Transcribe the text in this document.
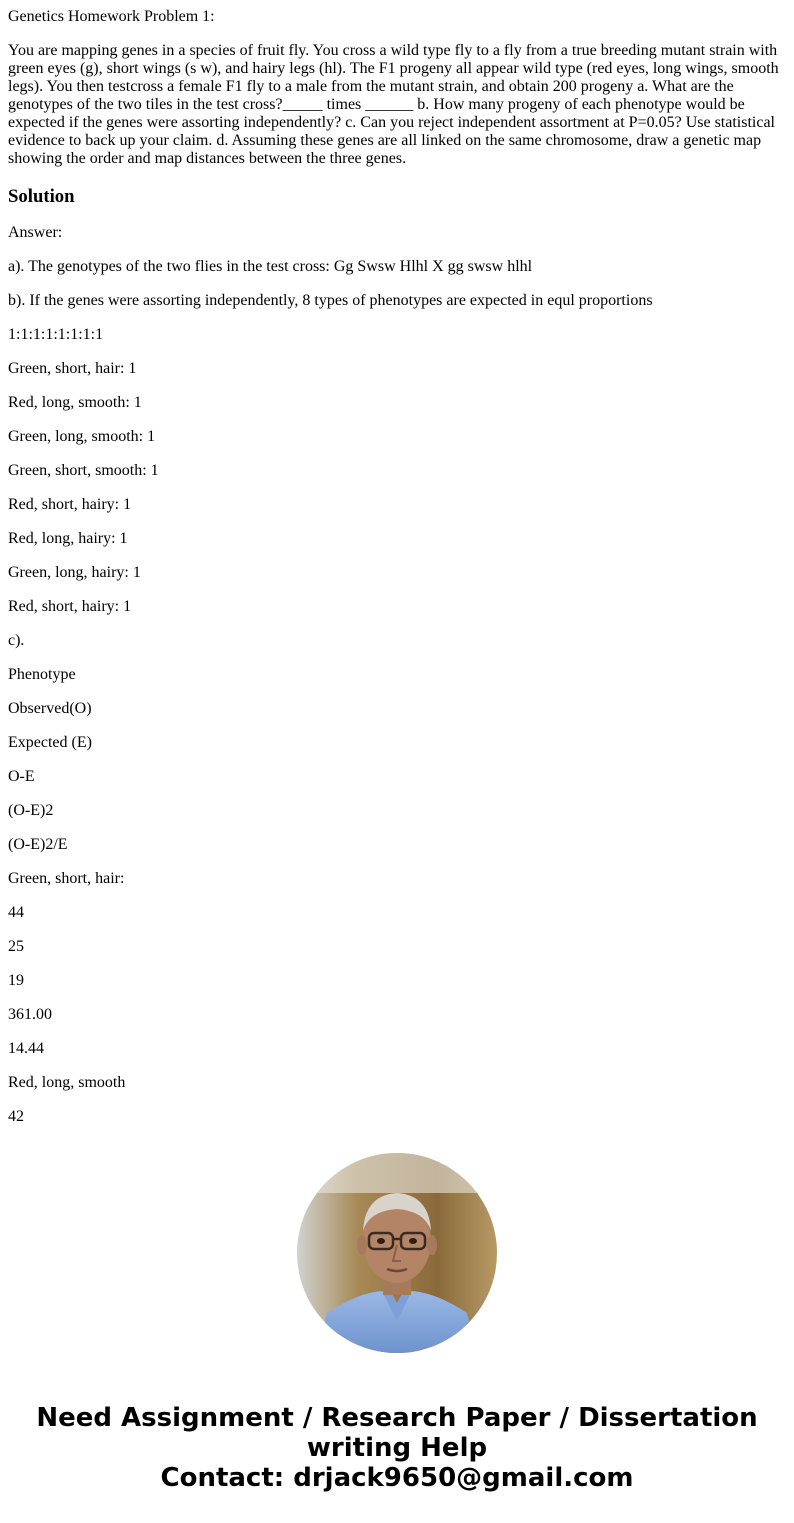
Genetics Homework Problem 1:

You are mapping genes in a species of fruit fly. You cross a wild type fly to a fly from a true breeding mutant strain with green eyes (g), short wings (s w), and hairy legs (hl). The F1 progeny all appear wild type (red eyes, long wings, smooth legs). You then testcross a female F1 fly to a male from the mutant strain, and obtain 200 progeny a. What are the genotypes of the two tiles in the test cross?_____ times ______ b. How many progeny of each phenotype would be expected if the genes were assorting independently? c. Can you reject independent assortment at P=0.05? Use statistical evidence to back up your claim. d. Assuming these genes are all linked on the same chromosome, draw a genetic map showing the order and map distances between the three genes.

Solution

Answer:

a). The genotypes of the two flies in the test cross: Gg Swsw Hlhl X gg swsw hlhl

b). If the genes were assorting independently, 8 types of phenotypes are expected in equl proportions

1:1:1:1:1:1:1:1

Green, short, hair: 1

Red, long, smooth: 1

Green, long, smooth: 1

Green, short, smooth: 1

Red, short, hairy: 1

Red, long, hairy: 1

Green, long, hairy: 1

Red, short, hairy: 1

c).

Phenotype

Observed(O)

Expected (E)

O-E

(O-E)2

(O-E)2/E

Green, short, hair:

44

25

19

361.00

14.44

Red, long, smooth

42

Need Assignment / Research Paper / Dissertation
writing Help
Contact: drjack9650@gmail.com
